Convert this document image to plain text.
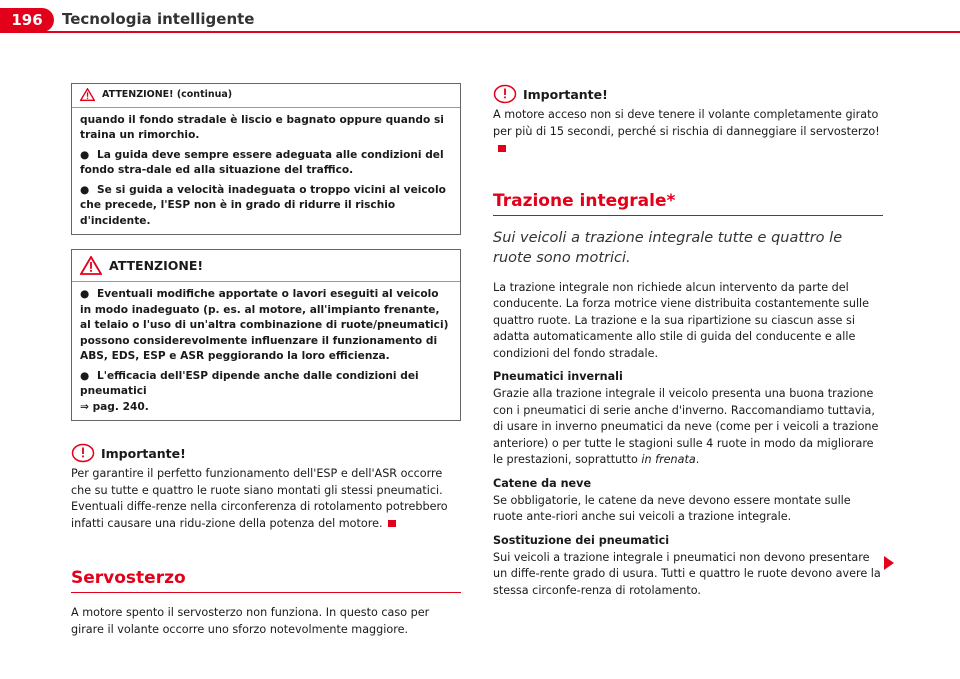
196	Tecnologia intelligente
ATTENZIONE! (continua)

quando il fondo stradale è liscio e bagnato oppure quando si traina un rimorchio.

● La guida deve sempre essere adeguata alle condizioni del fondo stra-dale ed alla situazione del traffico.

● Se si guida a velocità inadeguata o troppo vicini al veicolo che precede, l'ESP non è in grado di ridurre il rischio d'incidente.

ATTENZIONE!

● Eventuali modifiche apportate o lavori eseguiti al veicolo in modo inadeguato (p. es. al motore, all'impianto frenante, al telaio o l'uso di un'altra combinazione di ruote/pneumatici) possono considerevolmente influenzare il funzionamento di ABS, EDS, ESP e ASR peggiorando la loro efficienza.

● L'efficacia dell'ESP dipende anche dalle condizioni dei pneumatici
⇒ pag. 240.

Importante!

Per garantire il perfetto funzionamento dell'ESP e dell'ASR occorre che su tutte e quattro le ruote siano montati gli stessi pneumatici. Eventuali diffe-renze nella circonferenza di rotolamento potrebbero infatti causare una ridu-zione della potenza del motore.

Servosterzo

A motore spento il servosterzo non funziona. In questo caso per girare il volante occorre uno sforzo notevolmente maggiore.

Importante!

A motore acceso non si deve tenere il volante completamente girato per più di 15 secondi, perché si rischia di danneggiare il servosterzo!

Trazione integrale*

Sui veicoli a trazione integrale tutte e quattro le ruote sono motrici.

La trazione integrale non richiede alcun intervento da parte del conducente. La forza motrice viene distribuita costantemente sulle quattro ruote. La trazione e la sua ripartizione su ciascun asse si adatta automaticamente allo stile di guida del conducente e alle condizioni del fondo stradale.

Pneumatici invernali

Grazie alla trazione integrale il veicolo presenta una buona trazione con i pneumatici di serie anche d'inverno. Raccomandiamo tuttavia, di usare in inverno pneumatici da neve (come per i veicoli a trazione anteriore) o per tutte le stagioni sulle 4 ruote in modo da migliorare le prestazioni, soprattutto in frenata.

Catene da neve

Se obbligatorie, le catene da neve devono essere montate sulle ruote ante-riori anche sui veicoli a trazione integrale.

Sostituzione dei pneumatici

Sui veicoli a trazione integrale i pneumatici non devono presentare un diffe-rente grado di usura. Tutti e quattro le ruote devono avere la stessa circonfe-renza di rotolamento.
